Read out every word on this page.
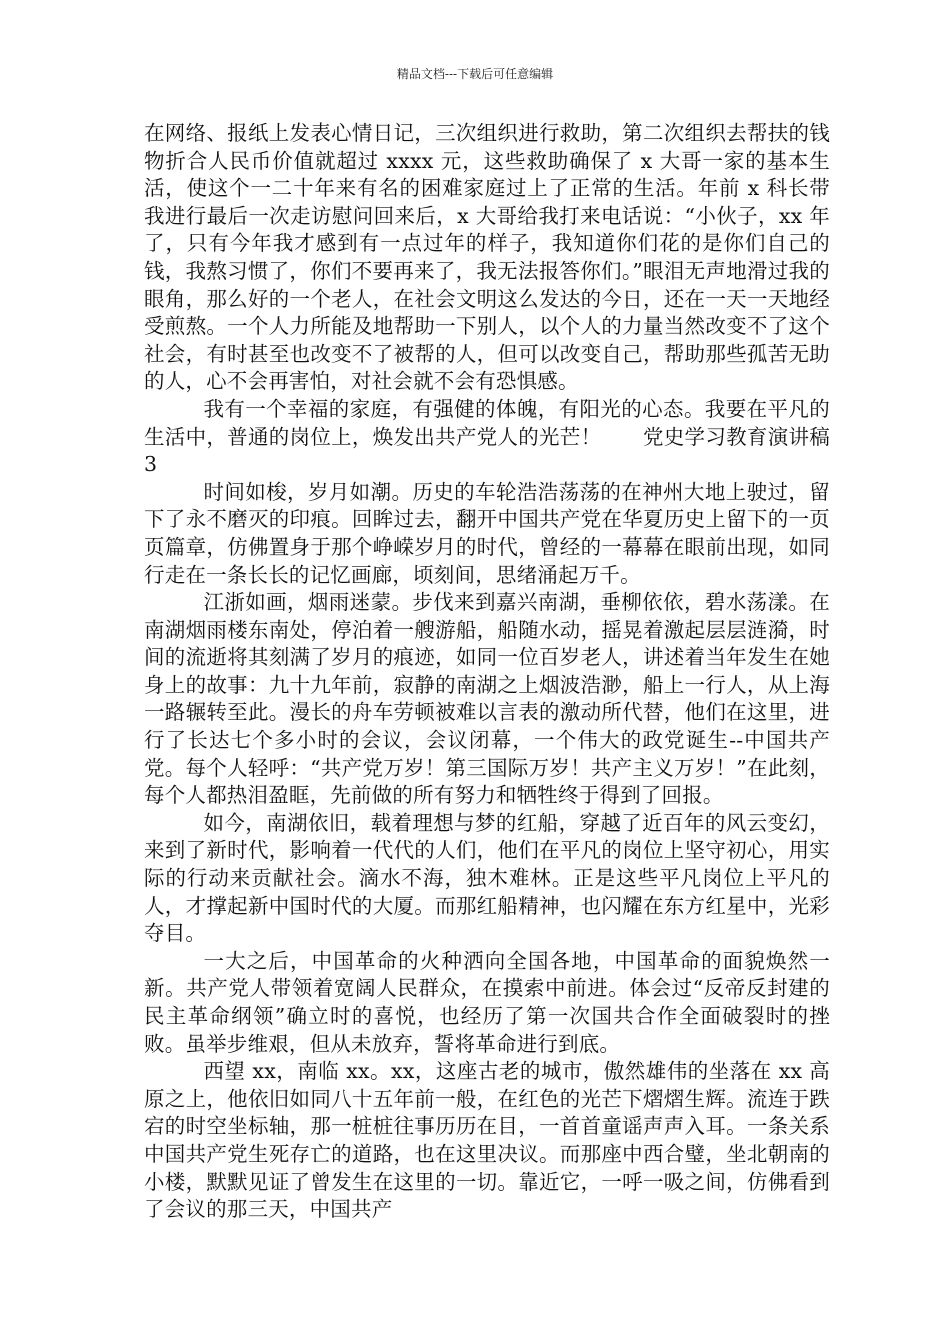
精品文档---下载后可任意编辑

在网络、报纸上发表心情日记，三次组织进行救助，第二次组织去帮扶的钱物折合人民币价值就超过 xxxx 元，这些救助确保了 x 大哥一家的基本生活，使这个一二十年来有名的困难家庭过上了正常的生活。年前 x 科长带我进行最后一次走访慰问回来后，x 大哥给我打来电话说：“小伙子，xx 年了，只有今年我才感到有一点过年的样子，我知道你们花的是你们自己的钱，我熬习惯了，你们不要再来了，我无法报答你们。”眼泪无声地滑过我的眼角，那么好的一个老人，在社会文明这么发达的今日，还在一天一天地经受煎熬。一个人力所能及地帮助一下别人，以个人的力量当然改变不了这个社会，有时甚至也改变不了被帮的人，但可以改变自己，帮助那些孤苦无助的人，心不会再害怕，对社会就不会有恐惧感。

我有一个幸福的家庭，有强健的体魄，有阳光的心态。我要在平凡的生活中，普通的岗位上，焕发出共产党人的光芒！　　党史学习教育演讲稿 3

时间如梭，岁月如潮。历史的车轮浩浩荡荡的在神州大地上驶过，留下了永不磨灭的印痕。回眸过去，翻开中国共产党在华夏历史上留下的一页页篇章，仿佛置身于那个峥嵘岁月的时代，曾经的一幕幕在眼前出现，如同行走在一条长长的记忆画廊，顷刻间，思绪涌起万千。

江浙如画，烟雨迷蒙。步伐来到嘉兴南湖，垂柳依依，碧水荡漾。在南湖烟雨楼东南处，停泊着一艘游船，船随水动，摇晃着激起层层涟漪，时间的流逝将其刻满了岁月的痕迹，如同一位百岁老人，讲述着当年发生在她身上的故事：九十九年前，寂静的南湖之上烟波浩渺，船上一行人，从上海一路辗转至此。漫长的舟车劳顿被难以言表的激动所代替，他们在这里，进行了长达七个多小时的会议，会议闭幕，一个伟大的政党诞生--中国共产党。每个人轻呼：“共产党万岁！第三国际万岁！共产主义万岁！”在此刻，每个人都热泪盈眶，先前做的所有努力和牺牲终于得到了回报。

如今，南湖依旧，载着理想与梦的红船，穿越了近百年的风云变幻，来到了新时代，影响着一代代的人们，他们在平凡的岗位上坚守初心，用实际的行动来贡献社会。滴水不海，独木难林。正是这些平凡岗位上平凡的人，才撑起新中国时代的大厦。而那红船精神，也闪耀在东方红星中，光彩夺目。

一大之后，中国革命的火种洒向全国各地，中国革命的面貌焕然一新。共产党人带领着宽阔人民群众，在摸索中前进。体会过“反帝反封建的民主革命纲领”确立时的喜悦，也经历了第一次国共合作全面破裂时的挫败。虽举步维艰，但从未放弃，誓将革命进行到底。

西望 xx，南临 xx。xx，这座古老的城市，傲然雄伟的坐落在 xx 高原之上，他依旧如同八十五年前一般，在红色的光芒下熠熠生辉。流连于跌宕的时空坐标轴，那一桩桩往事历历在目，一首首童谣声声入耳。一条关系中国共产党生死存亡的道路，也在这里决议。而那座中西合璧，坐北朝南的小楼，默默见证了曾发生在这里的一切。靠近它，一呼一吸之间，仿佛看到了会议的那三天，中国共产
